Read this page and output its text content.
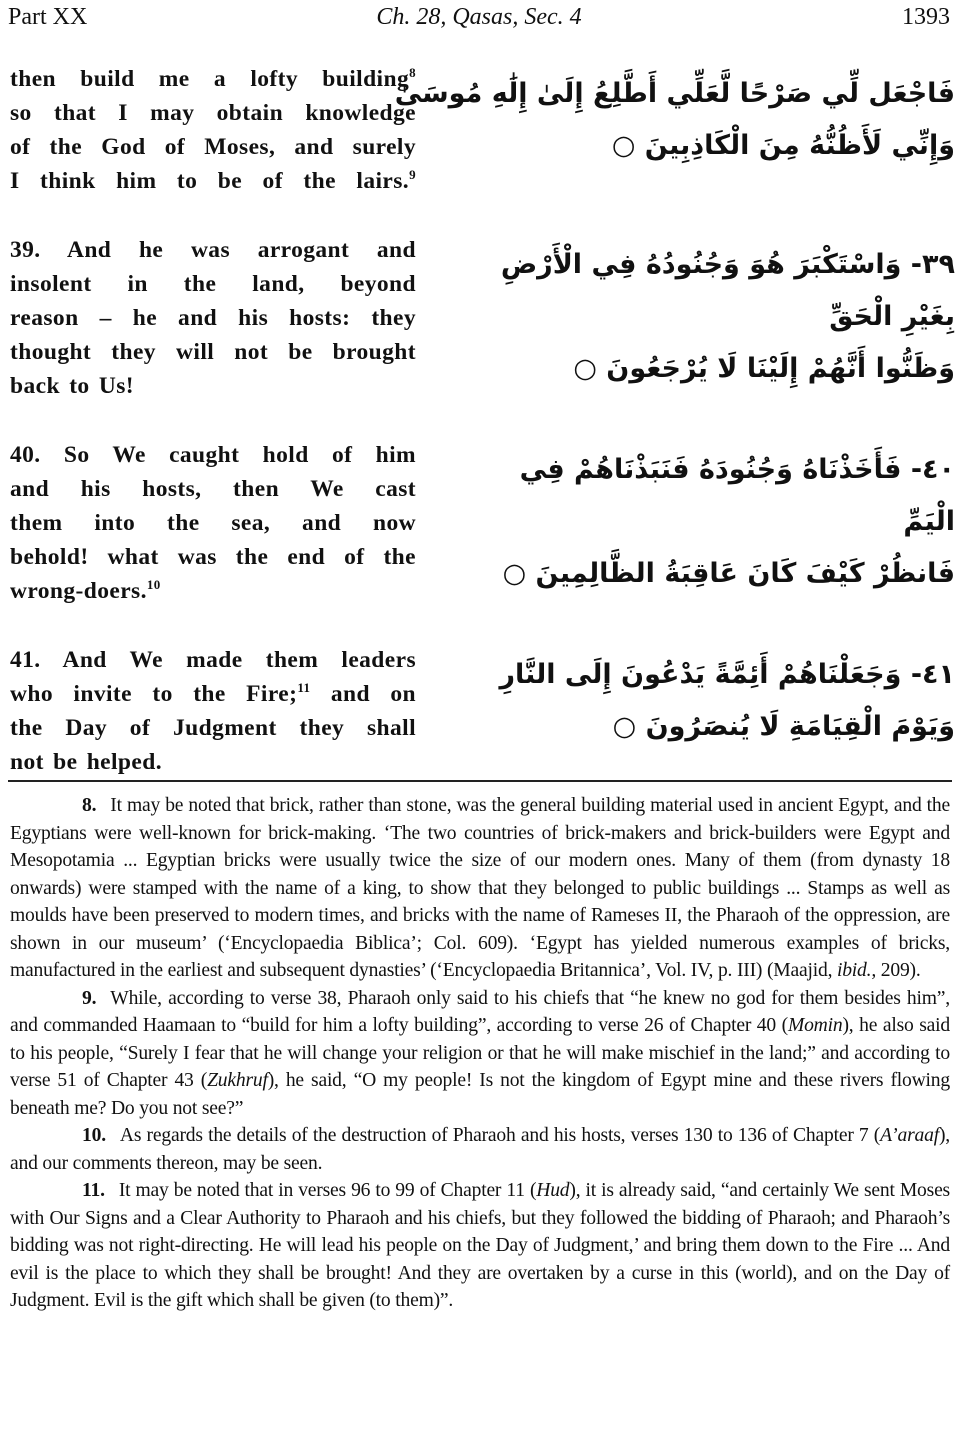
Part XX	Ch. 28, Qasas, Sec. 4	1393
then build me a lofty building$^8$
so that I may obtain knowledge
of the God of Moses, and surely
I think him to be of the lairs.$^9$
فَاجْعَل لِّي صَرْحًا لَّعَلِّي أَطَّلِعُ إِلَىٰ إِلَٰهِ مُوسَىٰ
وَإِنِّي لَأَظُنُّهُ مِنَ الْكَاذِبِينَ ○
39. And he was arrogant and
insolent in the land, beyond
reason – he and his hosts: they
thought they will not be brought
back to Us!
٣٩- وَاسْتَكْبَرَ هُوَ وَجُنُودُهُ فِي الْأَرْضِ
بِغَيْرِ الْحَقِّ
وَظَنُّوا أَنَّهُمْ إِلَيْنَا لَا يُرْجَعُونَ ○
40. So We caught hold of him
and his hosts, then We cast
them into the sea, and now
behold! what was the end of the
wrong-doers.$^{10}$
٤٠- فَأَخَذْنَاهُ وَجُنُودَهُ فَنَبَذْنَاهُمْ فِي
الْيَمِّ
فَانظُرْ كَيْفَ كَانَ عَاقِبَةُ الظَّالِمِينَ ○
41. And We made them leaders
who invite to the Fire;$^{11}$ and on
the Day of Judgment they shall
not be helped.
٤١- وَجَعَلْنَاهُمْ أَئِمَّةً يَدْعُونَ إِلَى النَّارِ
وَيَوْمَ الْقِيَامَةِ لَا يُنصَرُونَ ○

8. It may be noted that brick, rather than stone, was the general building material used in ancient Egypt, and the Egyptians were well-known for brick-making. ‘The two countries of brick-makers and brick-builders were Egypt and Mesopotamia ... Egyptian bricks were usually twice the size of our modern ones. Many of them (from dynasty 18 onwards) were stamped with the name of a king, to show that they belonged to public buildings ... Stamps as well as moulds have been preserved to modern times, and bricks with the name of Rameses II, the Pharaoh of the oppression, are shown in our museum’ (‘Encyclopaedia Biblica’; Col. 609). ‘Egypt has yielded numerous examples of bricks, manufactured in the earliest and subsequent dynasties’ (‘Encyclopaedia Britannica’, Vol. IV, p. III) (Maajid, ibid., 209).

9. While, according to verse 38, Pharaoh only said to his chiefs that “he knew no god for them besides him”, and commanded Haamaan to “build for him a lofty building”, according to verse 26 of Chapter 40 (Momin), he also said to his people, “Surely I fear that he will change your religion or that he will make mischief in the land;” and according to verse 51 of Chapter 43 (Zukhruf), he said, “O my people! Is not the kingdom of Egypt mine and these rivers flowing beneath me? Do you not see?”

10. As regards the details of the destruction of Pharaoh and his hosts, verses 130 to 136 of Chapter 7 (A’araaf), and our comments thereon, may be seen.

11. It may be noted that in verses 96 to 99 of Chapter 11 (Hud), it is already said, “and certainly We sent Moses with Our Signs and a Clear Authority to Pharaoh and his chiefs, but they followed the bidding of Pharaoh; and Pharaoh’s bidding was not right-directing. He will lead his people on the Day of Judgment,’ and bring them down to the Fire ... And evil is the place to which they shall be brought! And they are overtaken by a curse in this (world), and on the Day of Judgment. Evil is the gift which shall be given (to them)”.
